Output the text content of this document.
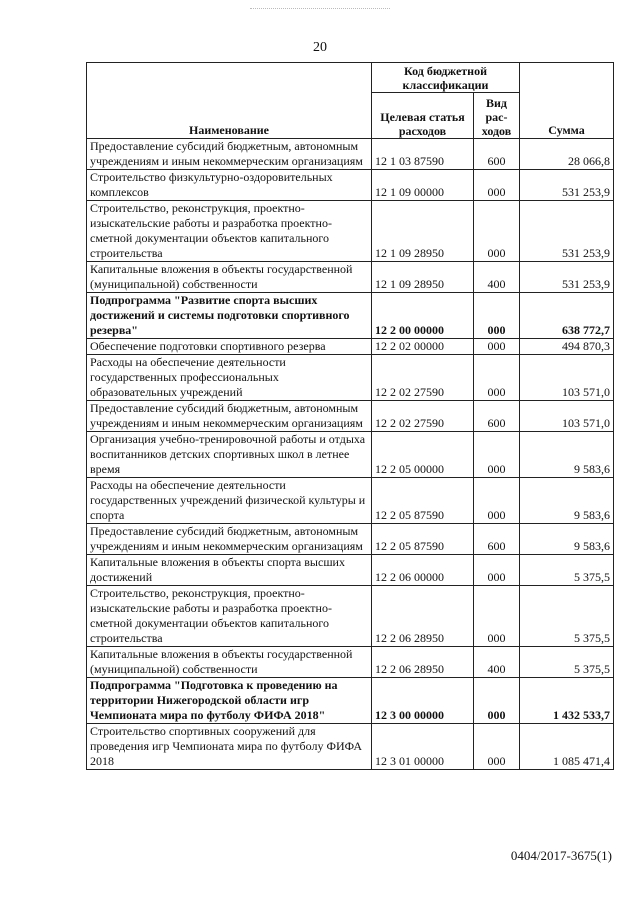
20
Наименование	Код бюджетной классификации		Сумма
	Целевая статья расходов	Вид рас-ходов	
Предоставление субсидий бюджетным, автономным учреждениям и иным некоммерческим организациям	12 1 03 87590	600	28 066,8
Строительство физкультурно-оздоровительных комплексов	12 1 09 00000	000	531 253,9
Строительство, реконструкция, проектно-изыскательские работы и разработка проектно-сметной документации объектов капитального строительства	12 1 09 28950	000	531 253,9
Капитальные вложения в объекты государственной (муниципальной) собственности	12 1 09 28950	400	531 253,9
Подпрограмма "Развитие спорта высших достижений и системы подготовки спортивного резерва"	12 2 00 00000	000	638 772,7
Обеспечение подготовки спортивного резерва	12 2 02 00000	000	494 870,3
Расходы на обеспечение деятельности государственных профессиональных образовательных учреждений	12 2 02 27590	000	103 571,0
Предоставление субсидий бюджетным, автономным учреждениям и иным некоммерческим организациям	12 2 02 27590	600	103 571,0
Организация учебно-тренировочной работы и отдыха воспитанников детских спортивных школ в летнее время	12 2 05 00000	000	9 583,6
Расходы на обеспечение деятельности государственных учреждений физической культуры и спорта	12 2 05 87590	000	9 583,6
Предоставление субсидий бюджетным, автономным учреждениям и иным некоммерческим организациям	12 2 05 87590	600	9 583,6
Капитальные вложения в объекты спорта высших достижений	12 2 06 00000	000	5 375,5
Строительство, реконструкция, проектно-изыскательские работы и разработка проектно-сметной документации объектов капитального строительства	12 2 06 28950	000	5 375,5
Капитальные вложения в объекты государственной (муниципальной) собственности	12 2 06 28950	400	5 375,5
Подпрограмма "Подготовка к проведению на территории Нижегородской области игр Чемпионата мира по футболу ФИФА 2018"	12 3 00 00000	000	1 432 533,7
Строительство спортивных сооружений для проведения игр Чемпионата мира по футболу ФИФА 2018	12 3 01 00000	000	1 085 471,4
0404/2017-3675(1)
